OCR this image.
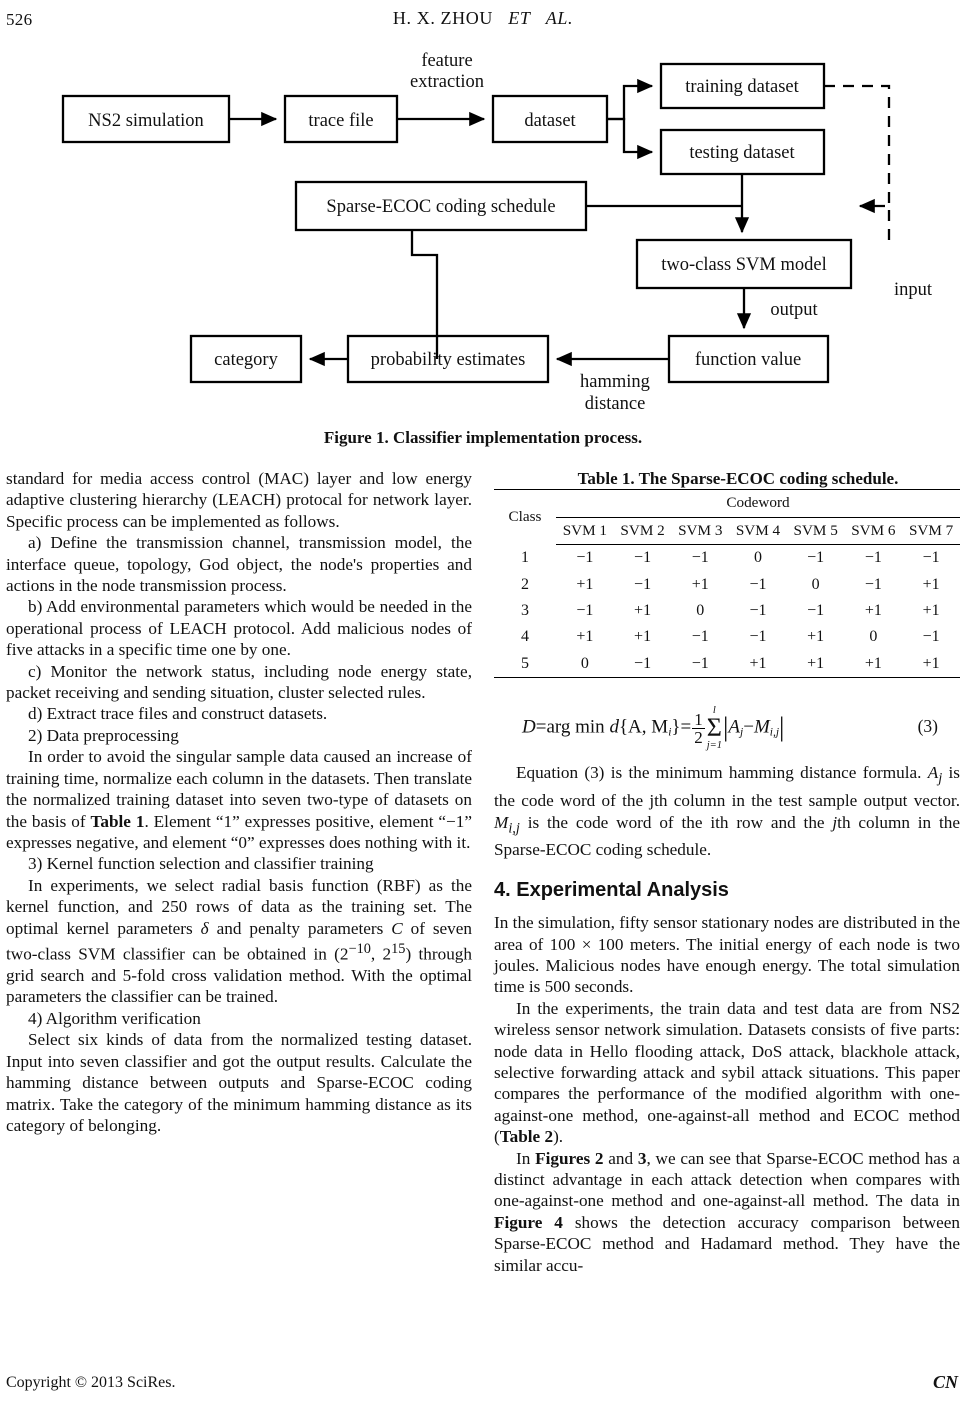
526	H. X. ZHOU ET AL.
NS2 simulation	trace file	dataset
training dataset
testing dataset
Sparse-ECOC coding schedule
two-class SVM model
function value
probability estimates
category
feature
extraction
input
output
hamming
distance
Figure 1. Classifier implementation process.

standard for media access control (MAC) layer and low energy adaptive clustering hierarchy (LEACH) protocal for network layer. Specific process can be implemented as follows.

a) Define the transmission channel, transmission model, the interface queue, topology, God object, the node's properties and actions in the node transmission process.

b) Add environmental parameters which would be needed in the operational process of LEACH protocol. Add malicious nodes of five attacks in a specific time one by one.

c) Monitor the network status, including node energy state, packet receiving and sending situation, cluster selected rules.

d) Extract trace files and construct datasets.

2) Data preprocessing

In order to avoid the singular sample data caused an increase of training time, normalize each column in the datasets. Then translate the normalized training dataset into seven two-type of datasets on the basis of Table 1. Element “1” expresses positive, element “−1” expresses negative, and element “0” expresses does nothing with it.

3) Kernel function selection and classifier training

In experiments, we select radial basis function (RBF) as the kernel function, and 250 rows of data as the training set. The optimal kernel parameters δ and penalty parameters C of seven two-class SVM classifier can be obtained in ($2^{-10}$, $2^{15}$) through grid search and 5-fold cross validation method. With the optimal parameters the classifier can be trained.

4) Algorithm verification

Select six kinds of data from the normalized testing dataset. Input into seven classifier and got the output results. Calculate the hamming distance between outputs and Sparse-ECOC coding matrix. Take the category of the minimum hamming distance as its category of belonging.

Table 1. The Sparse-ECOC coding schedule.

Class	Codeword						
	SVM 1	SVM 2	SVM 3	SVM 4	SVM 5	SVM 6	SVM 7
1	−1	−1	−1	0	−1	−1	−1
2	+1	−1	+1	−1	0	−1	+1
3	−1	+1	0	−1	−1	+1	+1
4	+1	+1	−1	−1	+1	0	−1
5	0	−1	−1	+1	+1	+1	+1
D=arg min d{A, $M_i\}= \frac{1}{2}$ l
Σ
j=1
$|A_j-M_{i,j}|$	(3)

Equation (3) is the minimum hamming distance formula. $A_j$ is the code word of the jth column in the test sample output vector. $M_{i,j}$ is the code word of the ith row and the jth column in the Sparse-ECOC coding schedule.

4. Experimental Analysis

In the simulation, fifty sensor stationary nodes are distributed in the area of 100 × 100 meters. The initial energy of each node is two joules. Malicious nodes have enough energy. The total simulation time is 500 seconds.

In the experiments, the train data and test data are from NS2 wireless sensor network simulation. Datasets consists of five parts: node data in Hello flooding attack, DoS attack, blackhole attack, selective forwarding attack and sybil attack situations. This paper compares the performance of the modified algorithm with one-against-one method, one-against-all method and ECOC method (Table 2).

In Figures 2 and 3, we can see that Sparse-ECOC method has a distinct advantage in each attack detection when compares with one-against-one method and one-against-all method. The data in Figure 4 shows the detection accuracy comparison between Sparse-ECOC method and Hadamard method. They have the similar accu-

Copyright © 2013 SciRes.	CN
